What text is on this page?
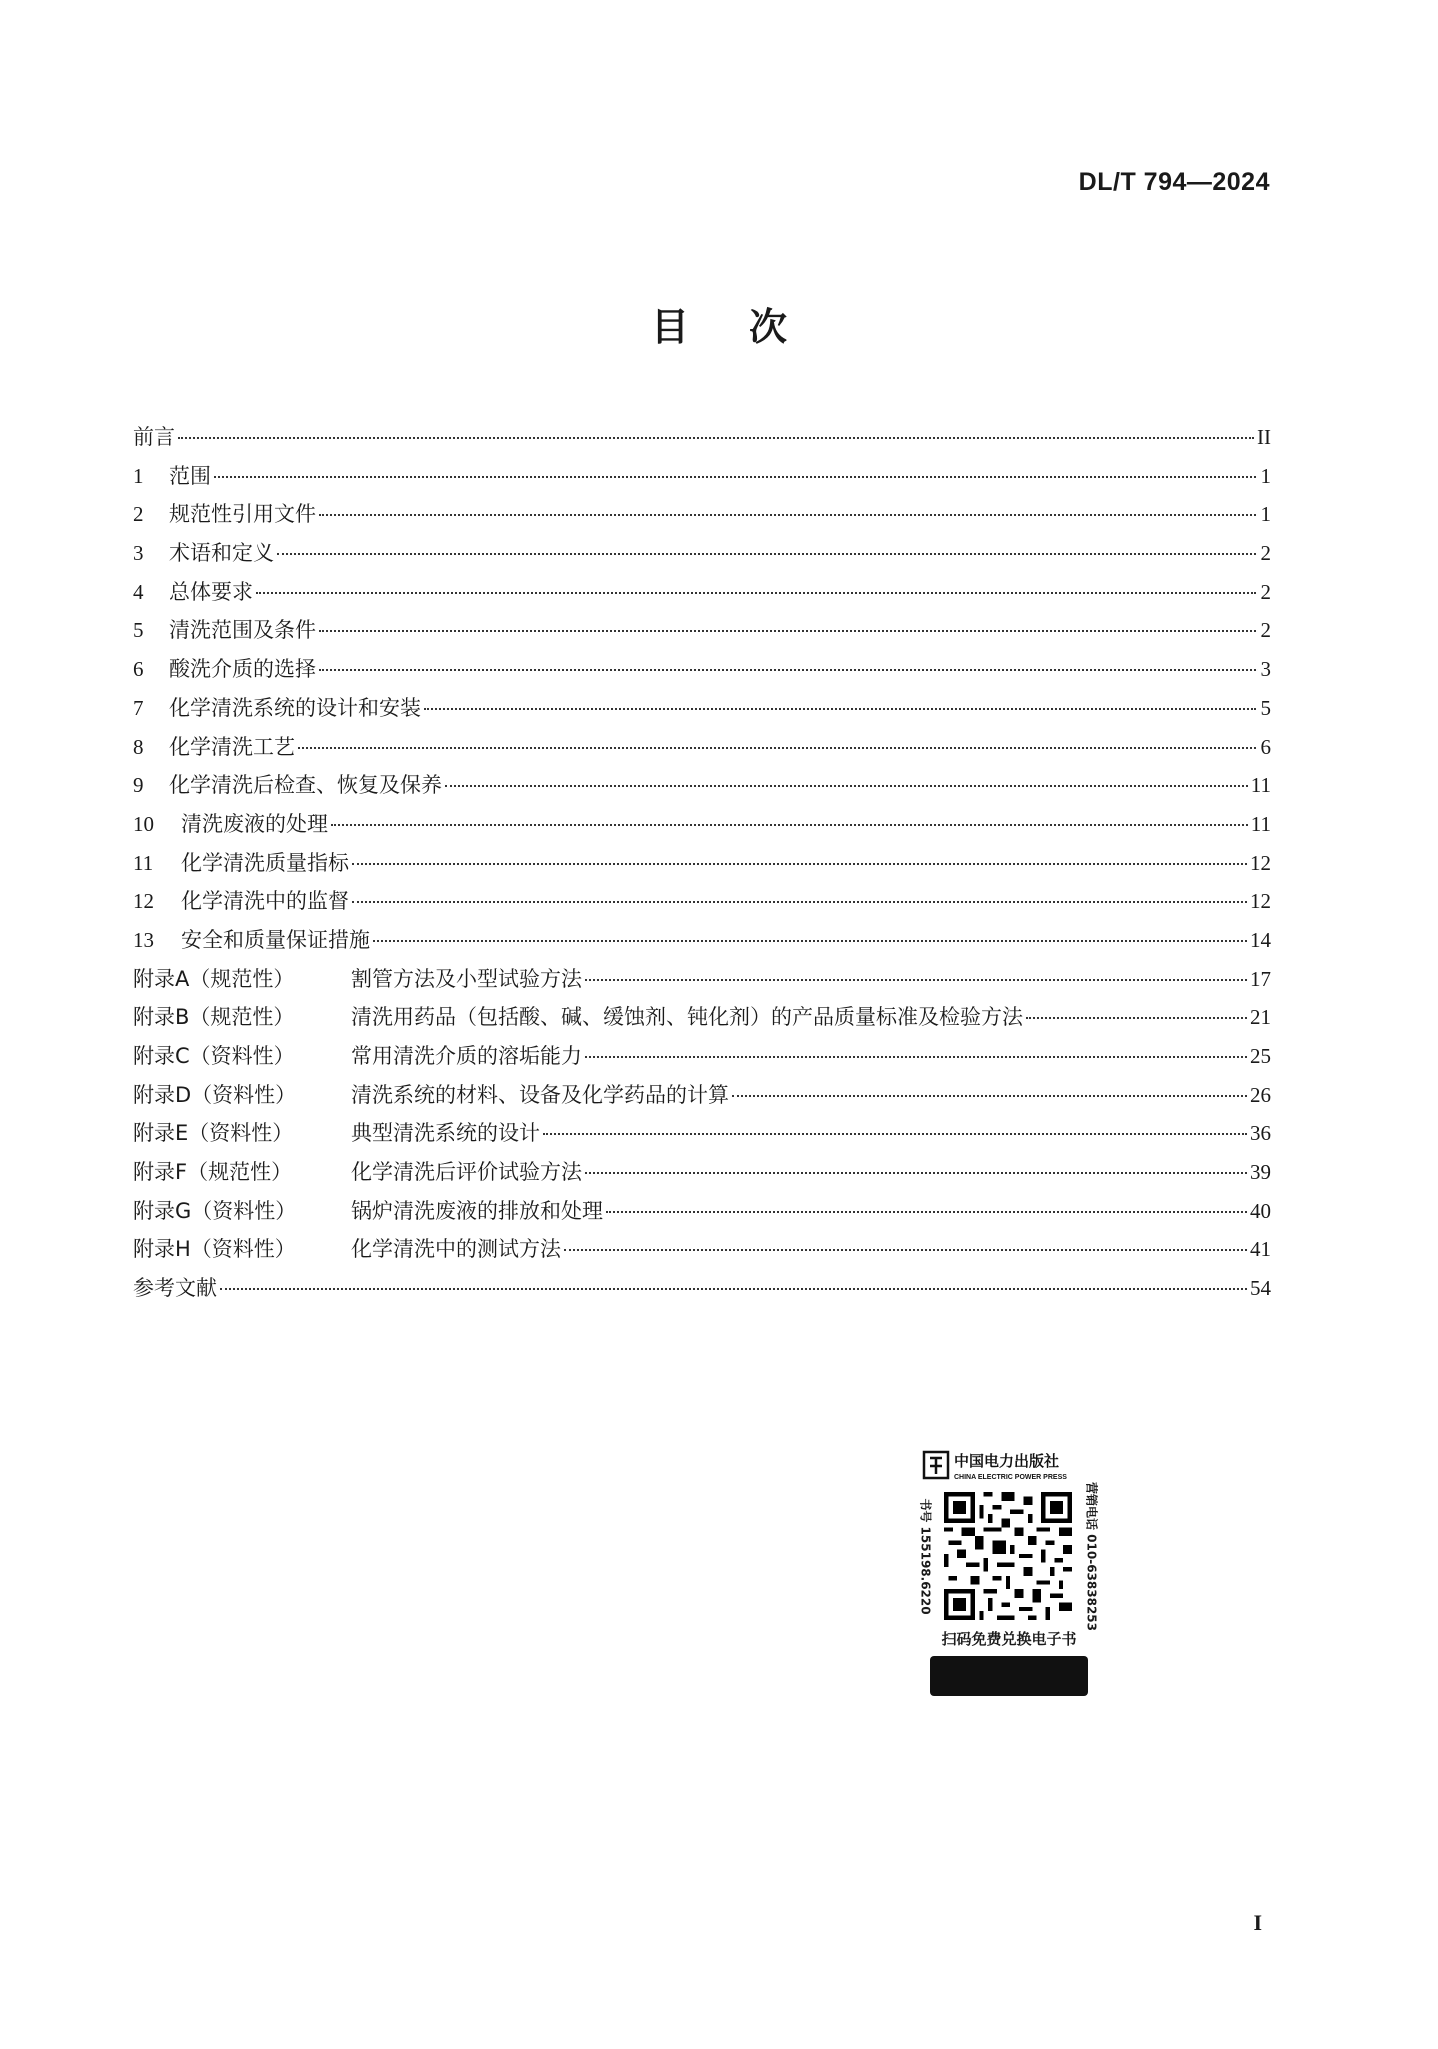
DL/T 794—2024
目次
前言	II
1	范围	1
2	规范性引用文件	1
3	术语和定义	2
4	总体要求	2
5	清洗范围及条件	2
6	酸洗介质的选择	3
7	化学清洗系统的设计和安装	5
8	化学清洗工艺	6
9	化学清洗后检查、恢复及保养	11
10	清洗废液的处理	11
11	化学清洗质量指标	12
12	化学清洗中的监督	12
13	安全和质量保证措施	14
附录A（规范性）	割管方法及小型试验方法	17
附录B（规范性）	清洗用药品（包括酸、碱、缓蚀剂、钝化剂）的产品质量标准及检验方法	21
附录C（资料性）	常用清洗介质的溶垢能力	25
附录D（资料性）	清洗系统的材料、设备及化学药品的计算	26
附录E（资料性）	典型清洗系统的设计	36
附录F（规范性）	化学清洗后评价试验方法	39
附录G（资料性）	锅炉清洗废液的排放和处理	40
附录H（资料性）	化学清洗中的测试方法	41
参考文献	54
中国电力出版社
CHINA ELECTRIC POWER PRESS
书号 155198.6220	营销电话 010-63838253
扫码免费兑换电子书
I
